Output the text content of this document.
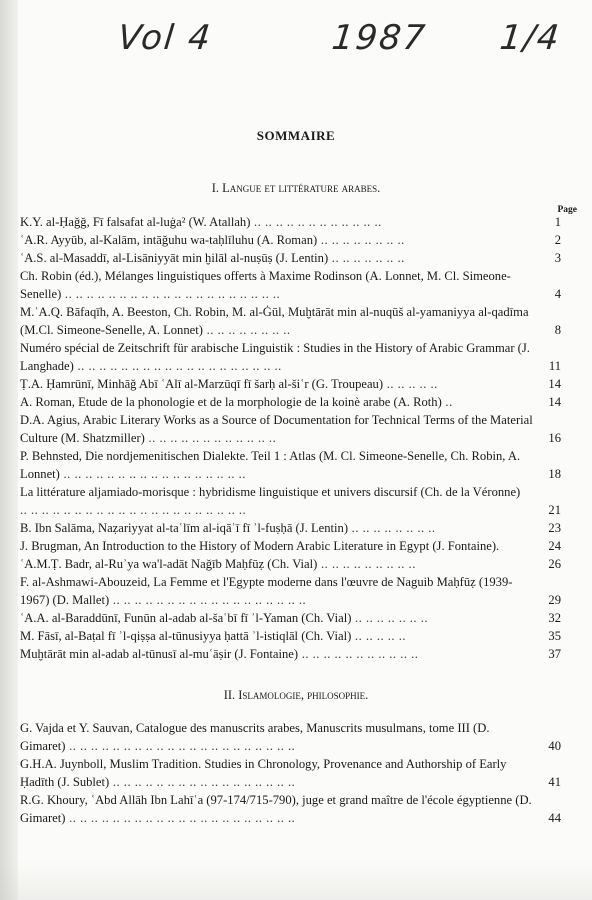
Vol 4	1987 1/4
SOMMAIRE
I. Langue et littérature arabes.
Page
K.Y. al-Ḥaǧǧ, Fī falsafat al-luġa² (W. Atallah) .. .. .. .. .. .. .. .. .. .. .. ..	1
ʿA.R. Ayyūb, al-Kalām, intāǧuhu wa-taḥlīluhu (A. Roman) .. .. .. .. .. .. .. ..	2
ʿA.S. al-Masaddī, al-Lisāniyyāt min ḫilāl al-nuṣūṣ (J. Lentin) .. .. .. .. .. .. ..	3
Ch. Robin (éd.), Mélanges linguistiques offerts à Maxime Rodinson (A. Lonnet, M. Cl. Simeone-Senelle) .. .. .. .. .. .. .. .. .. .. .. .. .. .. .. .. .. .. .. ..	4
M.ʿA.Q. Bāfaqīh, A. Beeston, Ch. Robin, M. al-Ġūl, Muḫtārāt min al-nuqūš al-yamaniyya al-qadīma (M.Cl. Simeone-Senelle, A. Lonnet) .. .. .. .. .. .. .. ..	8
Numéro spécial de Zeitschrift für arabische Linguistik : Studies in the History of Arabic Grammar (J. Langhade) .. .. .. .. .. .. .. .. .. .. .. .. .. .. .. .. .. .. ..	11
Ṭ.A. Ḥamrūnī, Minhāǧ Abī ʿAlī al-Marzūqī fī šarḥ al-šiʿr (G. Troupeau) .. .. .. .. ..	14
A. Roman, Etude de la phonologie et de la morphologie de la koinè arabe (A. Roth) ..	14
D.A. Agius, Arabic Literary Works as a Source of Documentation for Technical Terms of the Material Culture (M. Shatzmiller) .. .. .. .. .. .. .. .. .. .. .. ..	16
P. Behnsted, Die nordjemenitischen Dialekte. Teil 1 : Atlas (M. Cl. Simeone-Senelle, Ch. Robin, A. Lonnet) .. .. .. .. .. .. .. .. .. .. .. .. .. .. .. .. ..	18
La littérature aljamiado-morisque : hybridisme linguistique et univers discursif (Ch. de la Véronne) .. .. .. .. .. .. .. .. .. .. .. .. .. .. .. .. .. .. .. .. ..	21
B. Ibn Salāma, Naẓariyyat al-taʿlīm al-iqāʾī fī ʾl-fuṣḥā (J. Lentin) .. .. .. .. .. .. .. ..	23
J. Brugman, An Introduction to the History of Modern Arabic Literature in Egypt (J. Fontaine).	24
ʿA.M.Ṭ. Badr, al-Ruʾya wa'l-adāt Naǧīb Maḥfūẓ (Ch. Vial) .. .. .. .. .. .. .. .. ..	26
F. al-Ashmawi-Abouzeid, La Femme et l'Egypte moderne dans l'œuvre de Naguib Maḥfūẓ (1939-1967) (D. Mallet) .. .. .. .. .. .. .. .. .. .. .. .. .. .. .. .. .. ..	29
ʿA.A. al-Baraddūnī, Funūn al-adab al-šaʿbī fī ʾl-Yaman (Ch. Vial) .. .. .. .. .. .. ..	32
M. Fāsī, al-Baṭal fī ʾl-qiṣṣa al-tūnusiyya ḥattā ʾl-istiqlāl (Ch. Vial) .. .. .. .. ..	35
Muḫtārāt min al-adab al-tūnusī al-muʿāṣir (J. Fontaine) .. .. .. .. .. .. .. .. .. .. ..	37
II. Islamologie, philosophie.
G. Vajda et Y. Sauvan, Catalogue des manuscrits arabes, Manuscrits musulmans, tome III (D. Gimaret) .. .. .. .. .. .. .. .. .. .. .. .. .. .. .. .. .. .. .. .. ..	40
G.H.A. Juynboll, Muslim Tradition. Studies in Chronology, Provenance and Authorship of Early Ḥadīth (J. Sublet) .. .. .. .. .. .. .. .. .. .. .. .. .. .. .. .. ..	41
R.G. Khoury, ʿAbd Allāh Ibn Lahīʿa (97-174/715-790), juge et grand maître de l'école égyptienne (D. Gimaret) .. .. .. .. .. .. .. .. .. .. .. .. .. .. .. .. .. .. .. .. ..	44
